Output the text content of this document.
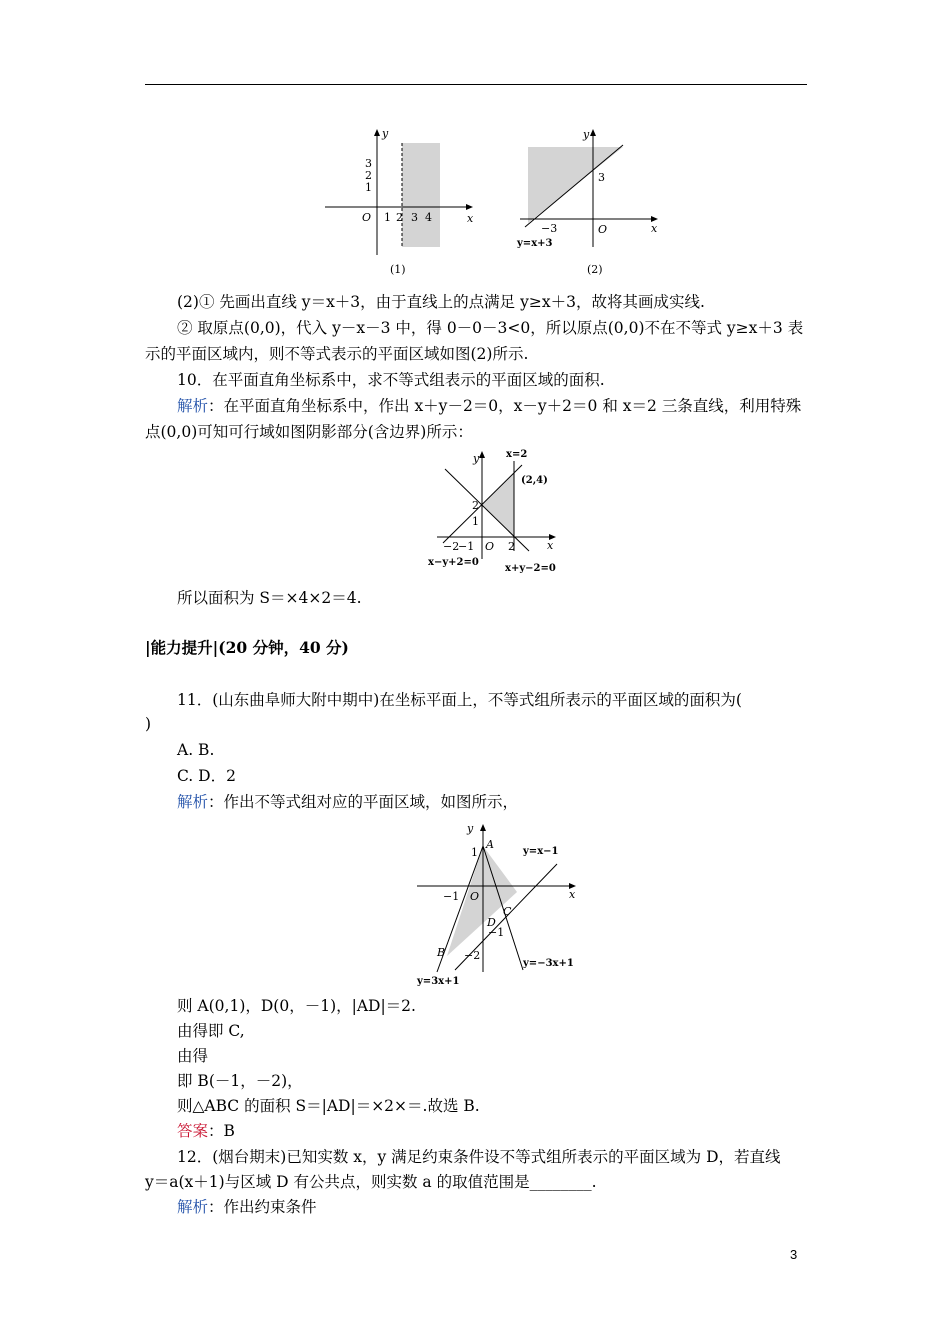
y
x
O
3
2
1
1 2 3 4
(1)
y
x
O
3
−3
y=x+3
(2)
(2)① 先画出直线 y＝x＋3，由于直线上的点满足 y≥x＋3，故将其画成实线.
② 取原点(0,0)，代入 y－x－3 中，得 0－0－3<0，所以原点(0,0)不在不等式 y≥x＋3 表
示的平面区域内，则不等式表示的平面区域如图(2)所示.
10．在平面直角坐标系中，求不等式组表示的平面区域的面积.
解析：在平面直角坐标系中，作出 x＋y－2＝0，x－y＋2＝0 和 x＝2 三条直线，利用特殊
点(0,0)可知可行域如图阴影部分(含边界)所示：
y
x
O
x=2
(2,4)
2
1
−2
−1	2
x−y+2=0
x+y−2=0
所以面积为 S＝×4×2＝4.
|能力提升|(20 分钟，40 分)
11．(山东曲阜师大附中期中)在坐标平面上，不等式组所表示的平面区域的面积为(
)
A. B.
C. D．2
解析：作出不等式组对应的平面区域，如图所示，
y
x
O
A
B
C
D
1
−1
−2
−1
y=x−1
y=−3x+1
y=3x+1
则 A(0,1)，D(0，－1)，|AD|＝2.
由得即 C,
由得
即 B(－1，－2)，
则△ABC 的面积 S＝|AD|＝×2×＝.故选 B.
答案：B
12．(烟台期末)已知实数 x，y 满足约束条件设不等式组所表示的平面区域为 D，若直线
y＝a(x＋1)与区域 D 有公共点，则实数 a 的取值范围是________.
解析：作出约束条件
3
